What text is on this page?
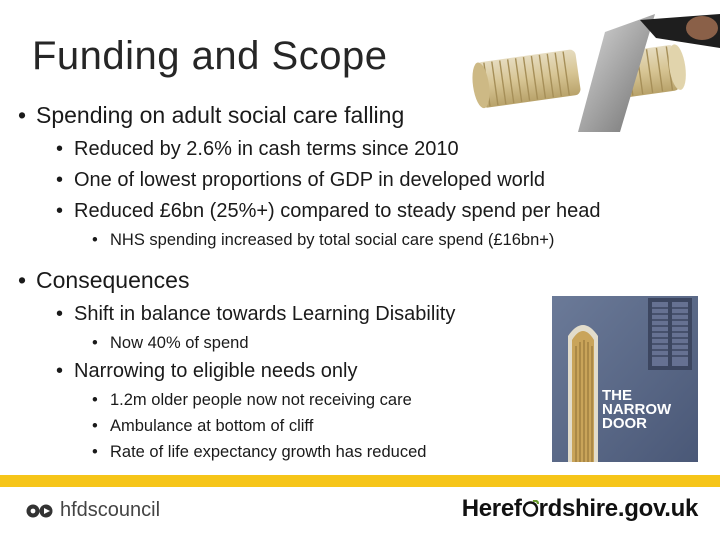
Funding and Scope

• Spending on adult social care falling

• Reduced by 2.6% in cash terms since 2010

• One of lowest proportions of GDP in developed world

• Reduced £6bn (25%+) compared to steady spend per head

• NHS spending increased by total social care spend (£16bn+)

• Consequences

• Shift in balance towards Learning Disability

• Now 40% of spend

• Narrowing to eligible needs only

• 1.2m older people now not receiving care

• Ambulance at bottom of cliff

• Rate of life expectancy growth has reduced

THE
NARROW
DOOR
hfdscouncil	Heref rdshire.gov.uk
